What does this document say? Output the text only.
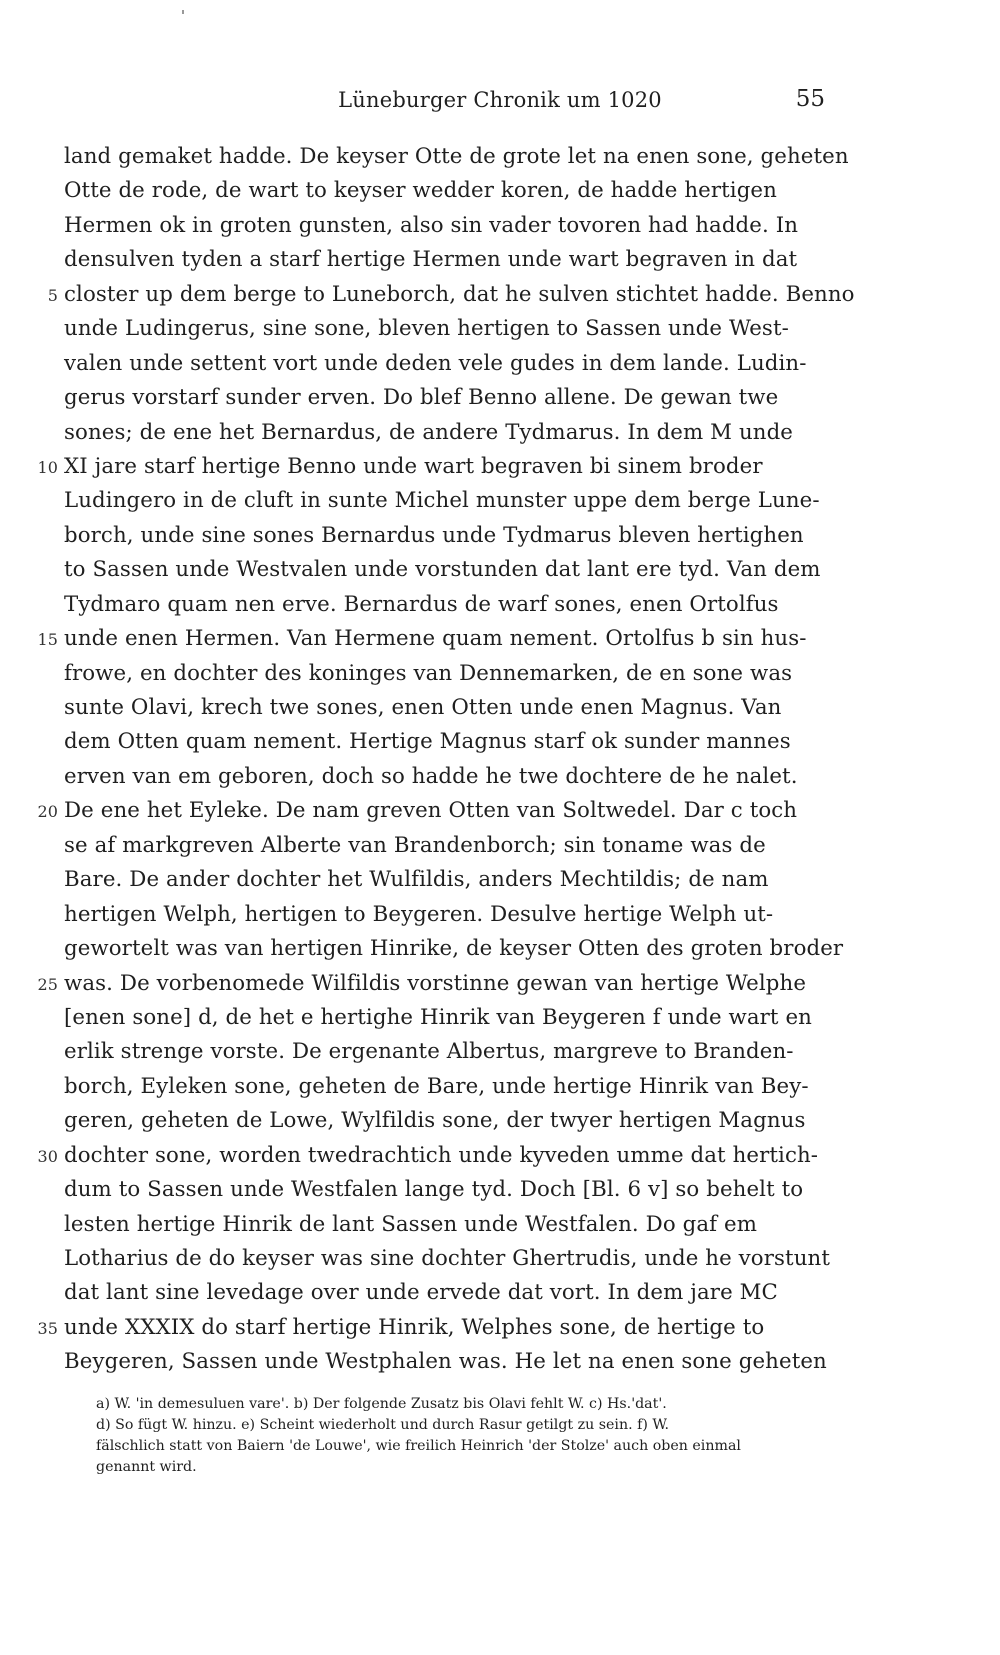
Lüneburger Chronik um 1020	55
land gemaket hadde. De keyser Otte de grote let na enen sone, geheten
Otte de rode, de wart to keyser wedder koren, de hadde hertigen
Hermen ok in groten gunsten, also sin vader tovoren had hadde. In
densulven tyden a starf hertige Hermen unde wart begraven in dat
5 closter up dem berge to Luneborch, dat he sulven stichtet hadde. Benno
unde Ludingerus, sine sone, bleven hertigen to Sassen unde West-
valen unde settent vort unde deden vele gudes in dem lande. Ludin-
gerus vorstarf sunder erven. Do blef Benno allene. De gewan twe
sones; de ene het Bernardus, de andere Tydmarus. In dem M unde
10 XI jare starf hertige Benno unde wart begraven bi sinem broder
Ludingero in de cluft in sunte Michel munster uppe dem berge Lune-
borch, unde sine sones Bernardus unde Tydmarus bleven hertighen
to Sassen unde Westvalen unde vorstunden dat lant ere tyd. Van dem
Tydmaro quam nen erve. Bernardus de warf sones, enen Ortolfus
15 unde enen Hermen. Van Hermene quam nement. Ortolfus b sin hus-
frowe, en dochter des koninges van Dennemarken, de en sone was
sunte Olavi, krech twe sones, enen Otten unde enen Magnus. Van
dem Otten quam nement. Hertige Magnus starf ok sunder mannes
erven van em geboren, doch so hadde he twe dochtere de he nalet.
20 De ene het Eyleke. De nam greven Otten van Soltwedel. Dar c toch
se af markgreven Alberte van Brandenborch; sin toname was de
Bare. De ander dochter het Wulfildis, anders Mechtildis; de nam
hertigen Welph, hertigen to Beygeren. Desulve hertige Welph ut-
gewortelt was van hertigen Hinrike, de keyser Otten des groten broder
25 was. De vorbenomede Wilfildis vorstinne gewan van hertige Welphe
[enen sone] d, de het e hertighe Hinrik van Beygeren f unde wart en
erlik strenge vorste. De ergenante Albertus, margreve to Branden-
borch, Eyleken sone, geheten de Bare, unde hertige Hinrik van Bey-
geren, geheten de Lowe, Wylfildis sone, der twyer hertigen Magnus
30 dochter sone, worden twedrachtich unde kyveden umme dat hertich-
dum to Sassen unde Westfalen lange tyd. Doch [Bl. 6 v] so behelt to
lesten hertige Hinrik de lant Sassen unde Westfalen. Do gaf em
Lotharius de do keyser was sine dochter Ghertrudis, unde he vorstunt
dat lant sine levedage over unde ervede dat vort. In dem jare MC
35 unde XXXIX do starf hertige Hinrik, Welphes sone, de hertige to
Beygeren, Sassen unde Westphalen was. He let na enen sone geheten
a) W. 'in demesuluen vare'. b) Der folgende Zusatz bis Olavi fehlt W. c) Hs.'dat'.
d) So fügt W. hinzu. e) Scheint wiederholt und durch Rasur getilgt zu sein. f) W.
fälschlich statt von Baiern 'de Louwe', wie freilich Heinrich 'der Stolze' auch oben einmal
genannt wird.
